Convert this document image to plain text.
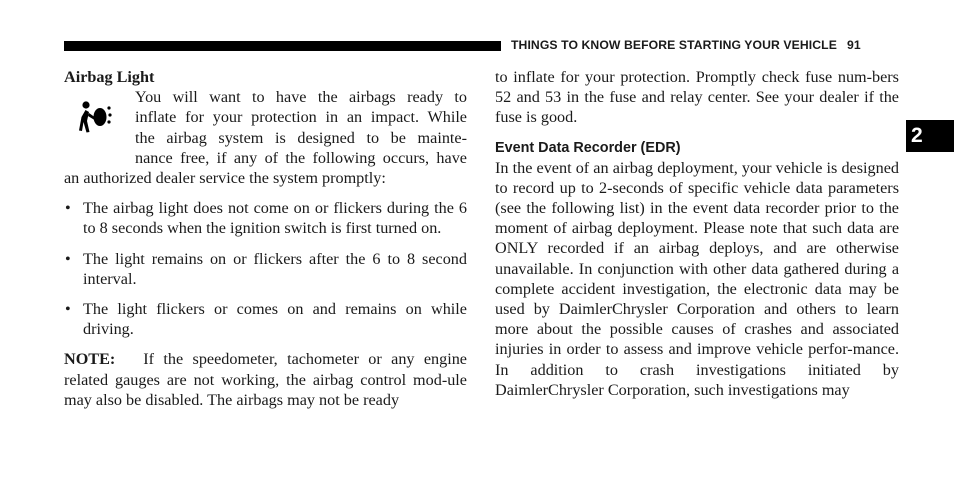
THINGS TO KNOW BEFORE STARTING YOUR VEHICLE 91
2
Airbag Light
You will want to have the airbags ready to
inflate for your protection in an impact. While
the airbag system is designed to be mainte-
nance free, if any of the following occurs, have
an authorized dealer service the system promptly:
• The airbag light does not come on or flickers during the 6 to 8 seconds when the ignition switch is first turned on.
• The light remains on or flickers after the 6 to 8 second interval.
• The light flickers or comes on and remains on while driving.

NOTE: If the speedometer, tachometer or any engine related gauges are not working, the airbag control mod-ule may also be disabled. The airbags may not be ready

to inflate for your protection. Promptly check fuse num-bers 52 and 53 in the fuse and relay center. See your dealer if the fuse is good.

Event Data Recorder (EDR)

In the event of an airbag deployment, your vehicle is designed to record up to 2-seconds of specific vehicle data parameters (see the following list) in the event data recorder prior to the moment of airbag deployment. Please note that such data are ONLY recorded if an airbag deploys, and are otherwise unavailable. In conjunction with other data gathered during a complete accident investigation, the electronic data may be used by DaimlerChrysler Corporation and others to learn more about the possible causes of crashes and associated injuries in order to assess and improve vehicle perfor-mance. In addition to crash investigations initiated by DaimlerChrysler Corporation, such investigations may
